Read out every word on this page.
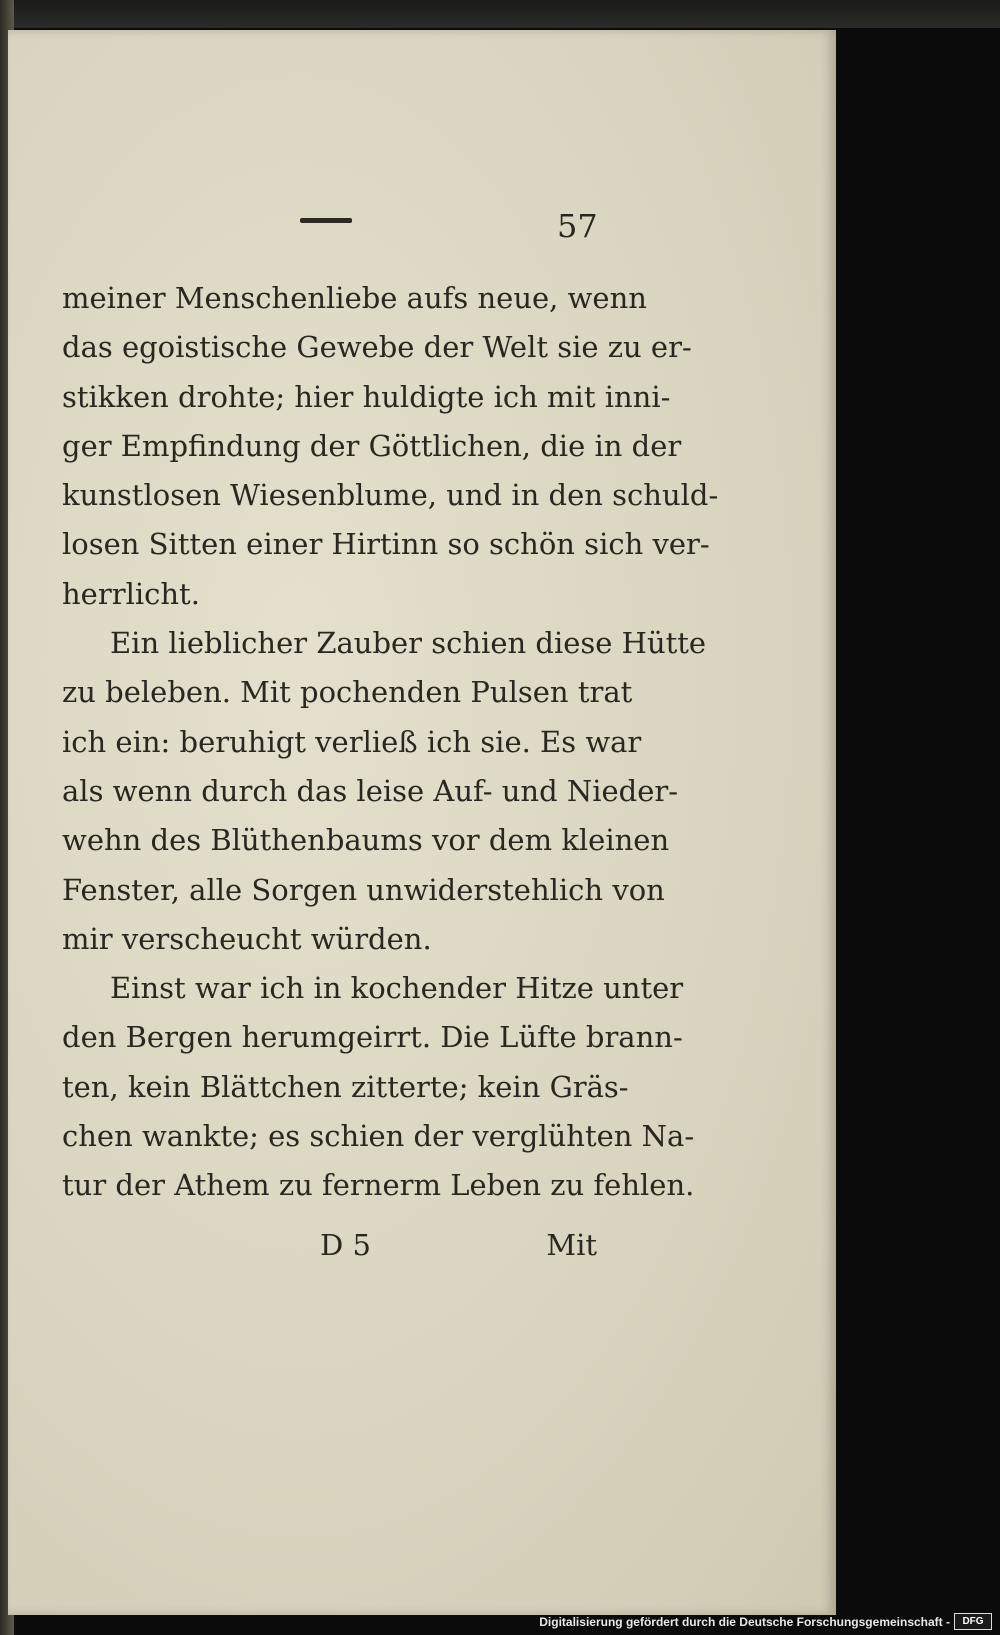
57
meiner Menschenliebe aufs neue, wenn
das egoistische Gewebe der Welt sie zu er-
stikken drohte; hier huldigte ich mit inni-
ger Empfindung der Göttlichen, die in der
kunstlosen Wiesenblume, und in den schuld-
losen Sitten einer Hirtinn so schön sich ver-
herrlicht.
Ein lieblicher Zauber schien diese Hütte
zu beleben. Mit pochenden Pulsen trat
ich ein: beruhigt verließ ich sie. Es war
als wenn durch das leise Auf- und Nieder-
wehn des Blüthenbaums vor dem kleinen
Fenster, alle Sorgen unwiderstehlich von
mir verscheucht würden.
Einst war ich in kochender Hitze unter
den Bergen herumgeirrt. Die Lüfte brann-
ten, kein Blättchen zitterte; kein Gräs-
chen wankte; es schien der verglühten Na-
tur der Athem zu fernerm Leben zu fehlen.
D 5	Mit
Digitalisierung gefördert durch die Deutsche Forschungsgemeinschaft -	DFG
